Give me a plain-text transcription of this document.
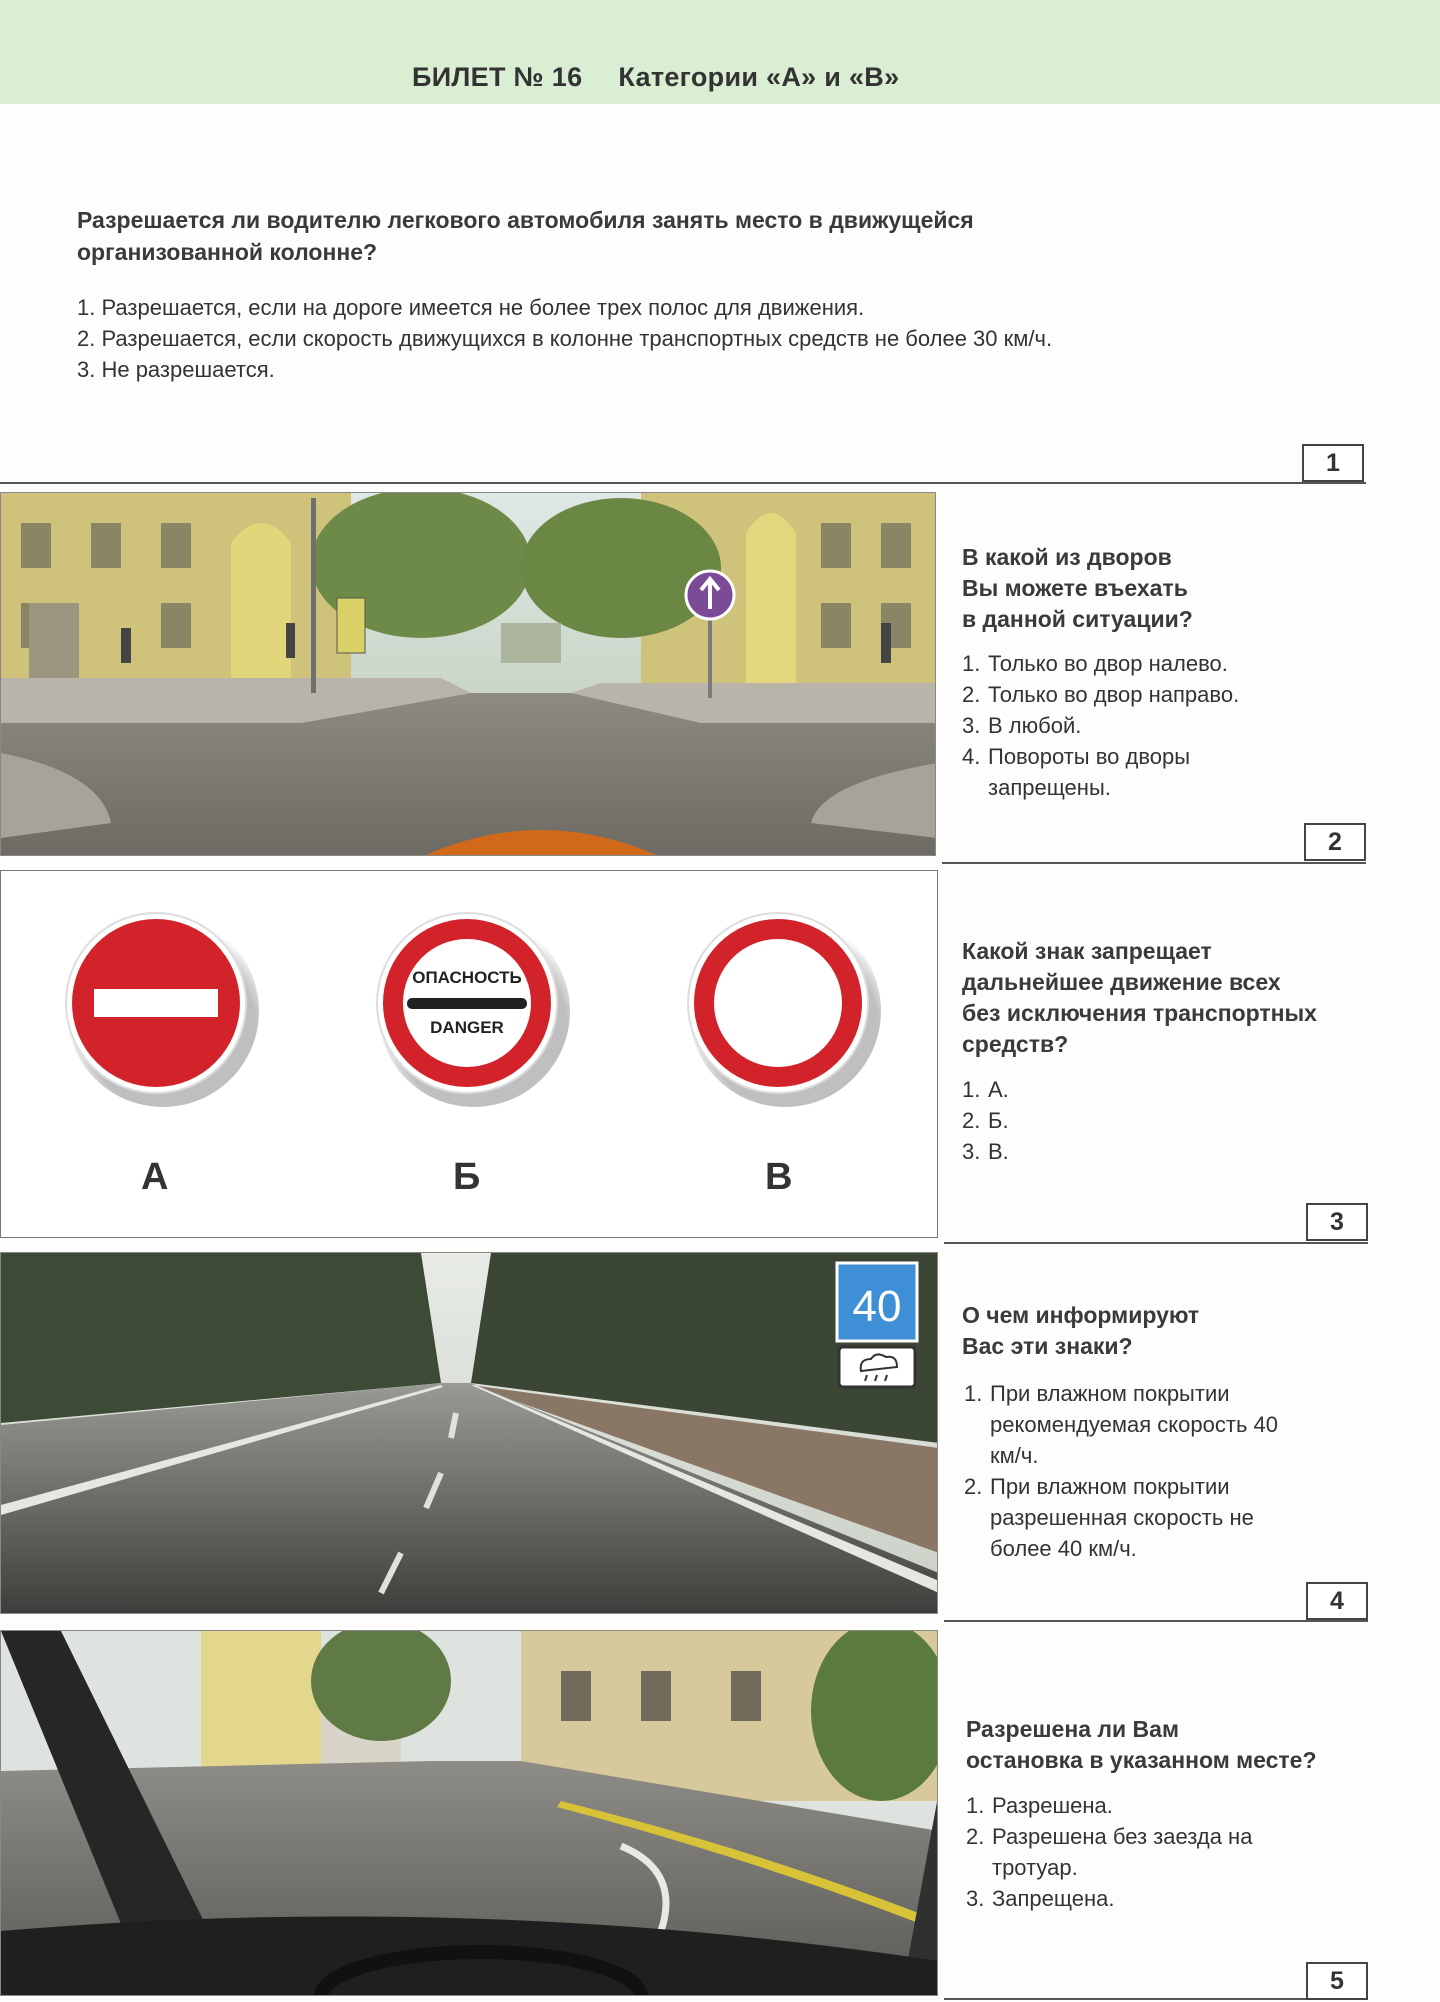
БИЛЕТ № 16 Категории «А» и «В»
Разрешается ли водителю легкового автомобиля занять место в движущейся организованной колонне?
1. Разрешается, если на дороге имеется не более трех полос для движения.
2. Разрешается, если скорость движущихся в колонне транспортных средств не более 30 км/ч.
3. Не разрешается.
1
В какой из дворов
Вы можете въехать
в данной ситуации?
1. Только во двор налево.
2. Только во двор направо.
3. В любой.
4. Повороты во дворы запрещены.
2
ОПАСНОСТЬ
DANGER
А	Б	В
Какой знак запрещает
дальнейшее движение всех
без исключения транспортных
средств?
1. А.
2. Б.
3. В.
3
40	О чем информируют
Вас эти знаки?
1. При влажном покрытии рекомендуемая скорость 40 км/ч.
2. При влажном покрытии разрешенная скорость не более 40 км/ч.
4
Разрешена ли Вам
остановка в указанном месте?
1. Разрешена.
2. Разрешена без заезда на тротуар.
3. Запрещена.
5
